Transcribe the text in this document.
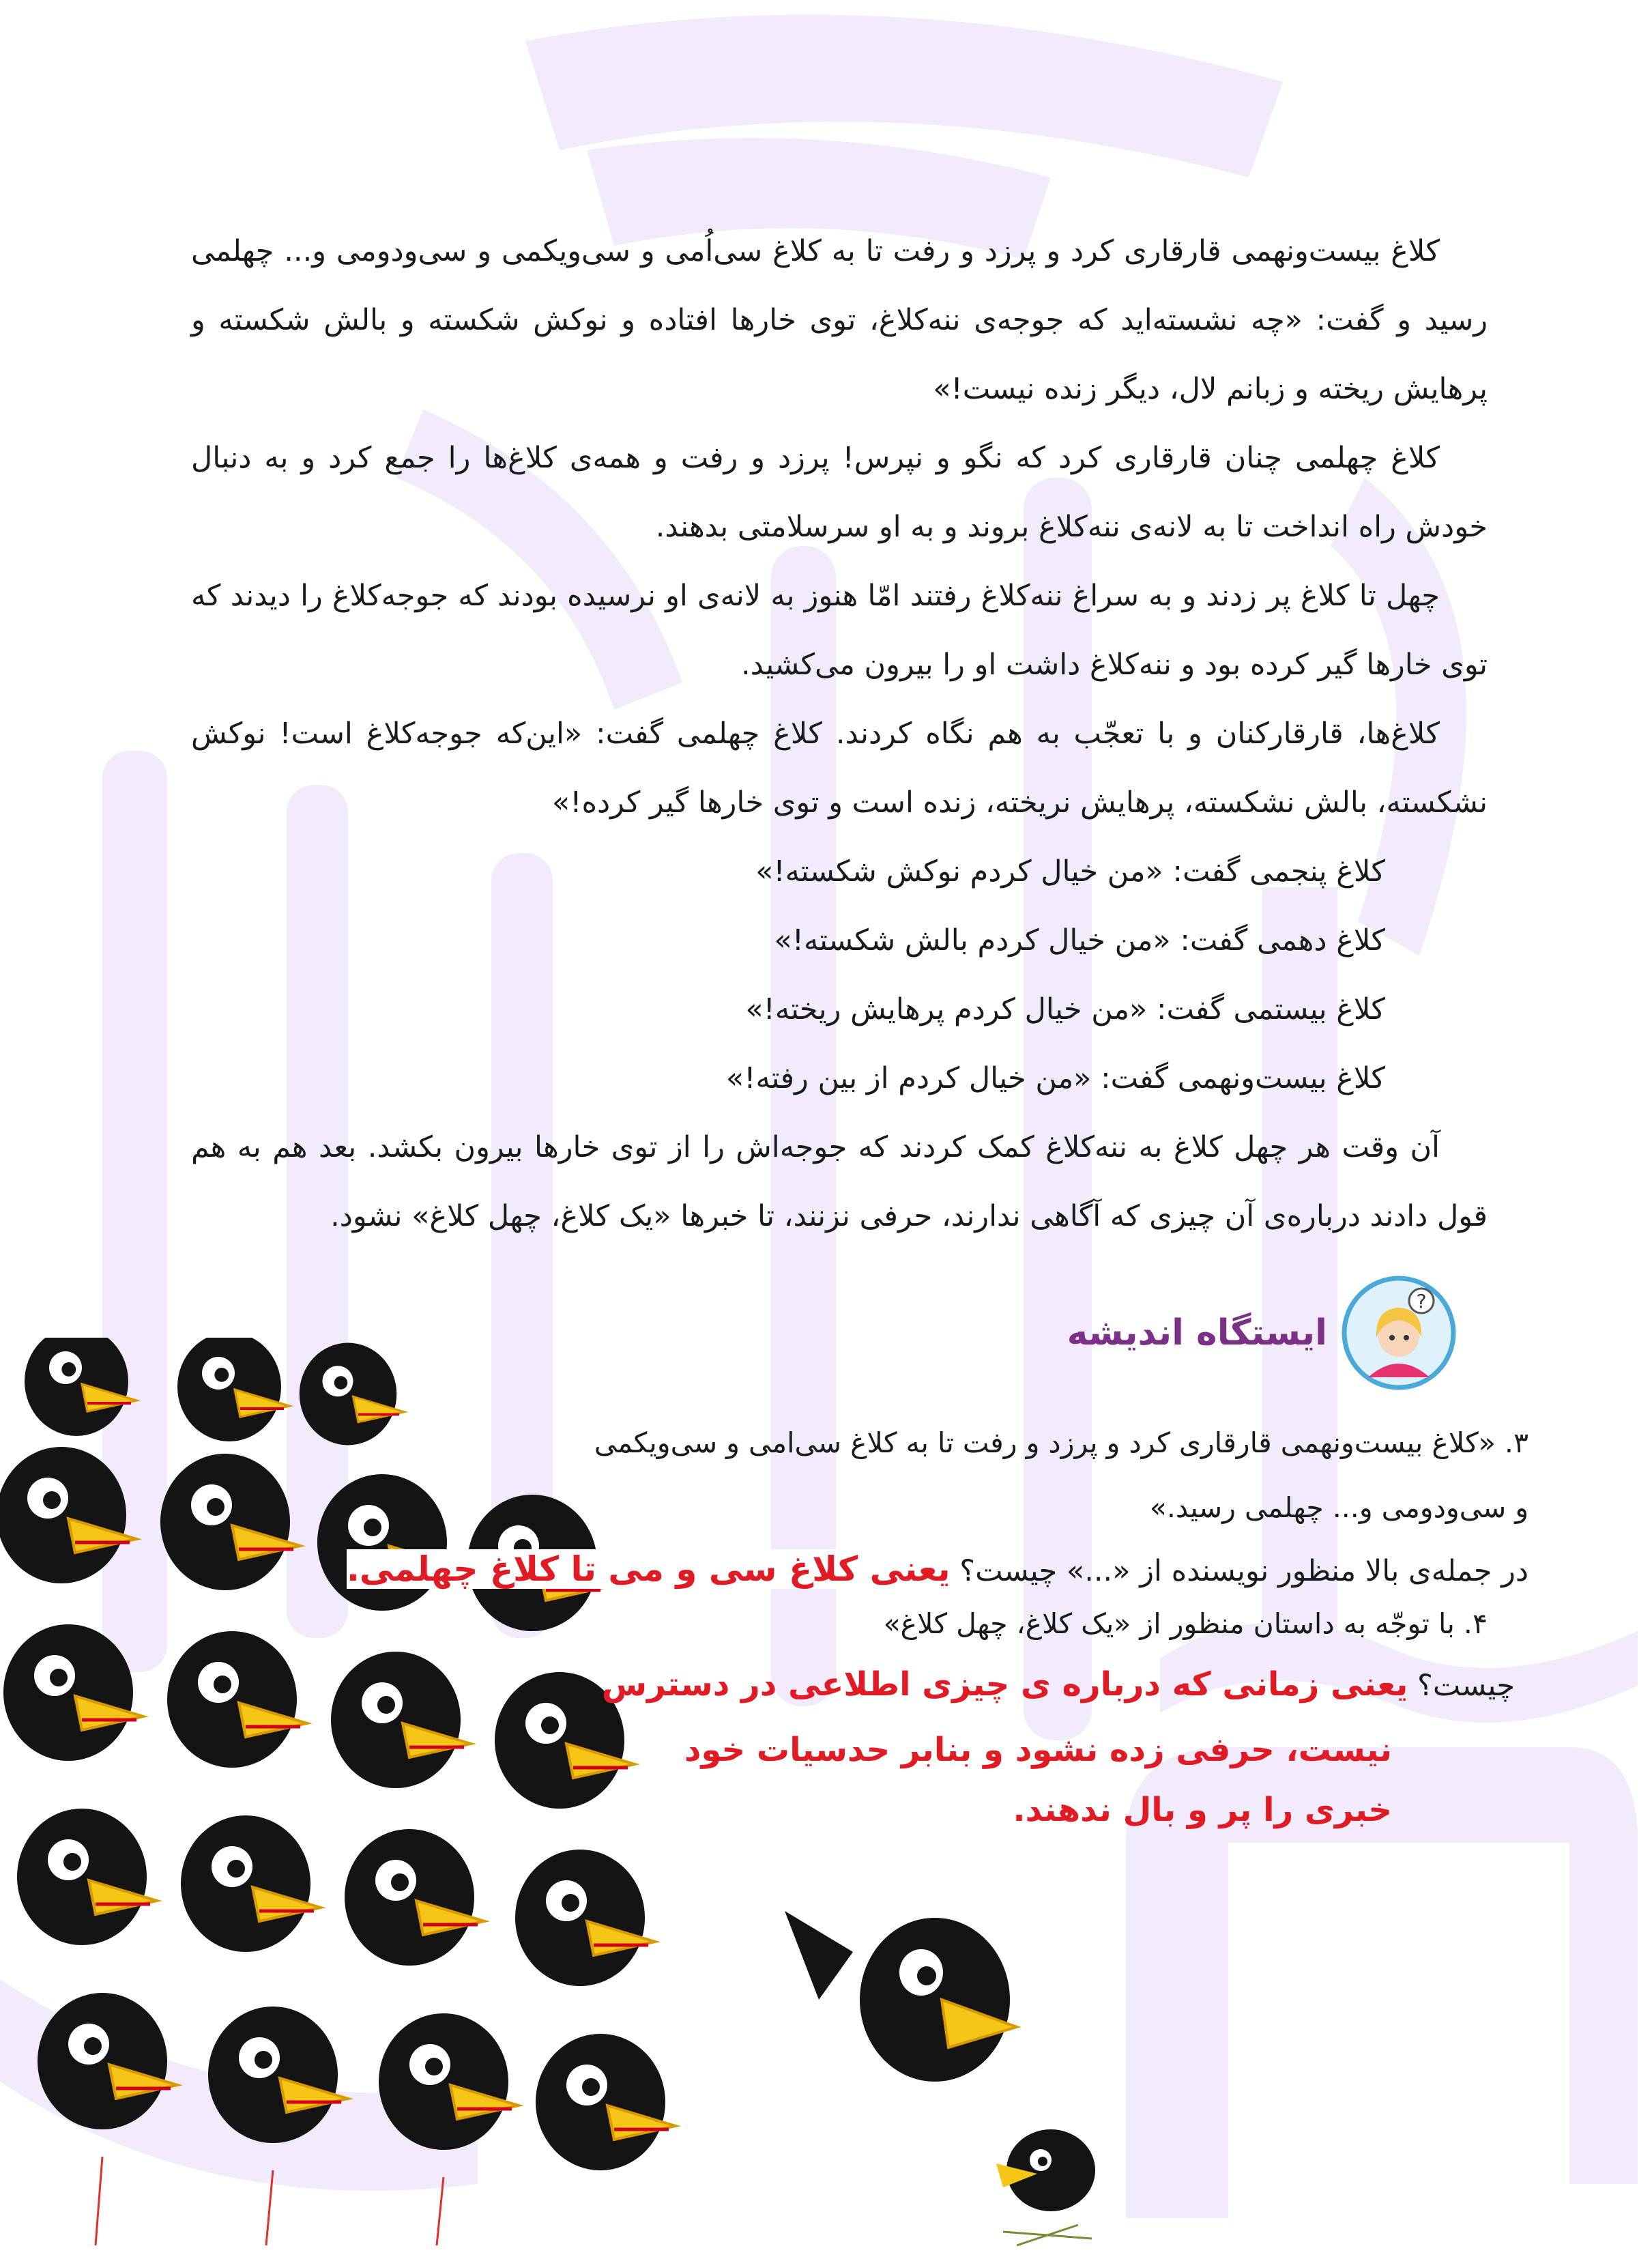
کلاغ بیست‌ونهمی قارقاری کرد و پرزد و رفت تا به کلاغ سی‌اُمی و سی‌ویکمی و سی‌ودومی و... چهلمی رسید و گفت: «چه نشسته‌اید که جوجه‌ی ننه‌کلاغ، توی خارها افتاده و نوکش شکسته و بالش شکسته و پرهایش ریخته و زبانم لال، دیگر زنده نیست!»

کلاغ چهلمی چنان قارقاری کرد که نگو و نپرس! پرزد و رفت و همه‌ی کلاغ‌ها را جمع کرد و به دنبال خودش راه انداخت تا به لانه‌ی ننه‌کلاغ بروند و به او سرسلامتی بدهند.

چهل تا کلاغ پر زدند و به سراغ ننه‌کلاغ رفتند امّا هنوز به لانه‌ی او نرسیده بودند که جوجه‌کلاغ را دیدند که توی خارها گیر کرده بود و ننه‌کلاغ داشت او را بیرون می‌کشید.

کلاغ‌ها، قارقارکنان و با تعجّب به هم نگاه کردند. کلاغ چهلمی گفت: «این‌که جوجه‌کلاغ است! نوکش نشکسته، بالش نشکسته، پرهایش نریخته، زنده است و توی خارها گیر کرده!»

کلاغ پنجمی گفت: «من خیال کردم نوکش شکسته!»

کلاغ دهمی گفت: «من خیال کردم بالش شکسته!»

کلاغ بیستمی گفت: «من خیال کردم پرهایش ریخته!»

کلاغ بیست‌ونهمی گفت: «من خیال کردم از بین رفته!»

آن وقت هر چهل کلاغ به ننه‌کلاغ کمک کردند که جوجه‌اش را از توی خارها بیرون بکشد. بعد هم به هم قول دادند درباره‌ی آن چیزی که آگاهی ندارند، حرفی نزنند، تا خبرها «یک کلاغ، چهل کلاغ» نشود.

?
ایستگاه اندیشه
۳. «کلاغ بیست‌ونهمی قارقاری کرد و پرزد و رفت تا به کلاغ سی‌امی و سی‌ویکمی
و سی‌ودومی و... چهلمی رسید.»
در جمله‌ی بالا منظور نویسنده از «...» چیست؟ یعنی کلاغ سی و می تا کلاغ چهلمی.
۴. با توجّه به داستان منظور از «یک کلاغ، چهل کلاغ»
چیست؟ یعنی زمانی که درباره ی چیزی اطلاعی در دسترس
نیست، حرفی زده نشود و بنابر حدسیات خود
خبری را پر و بال ندهند.
